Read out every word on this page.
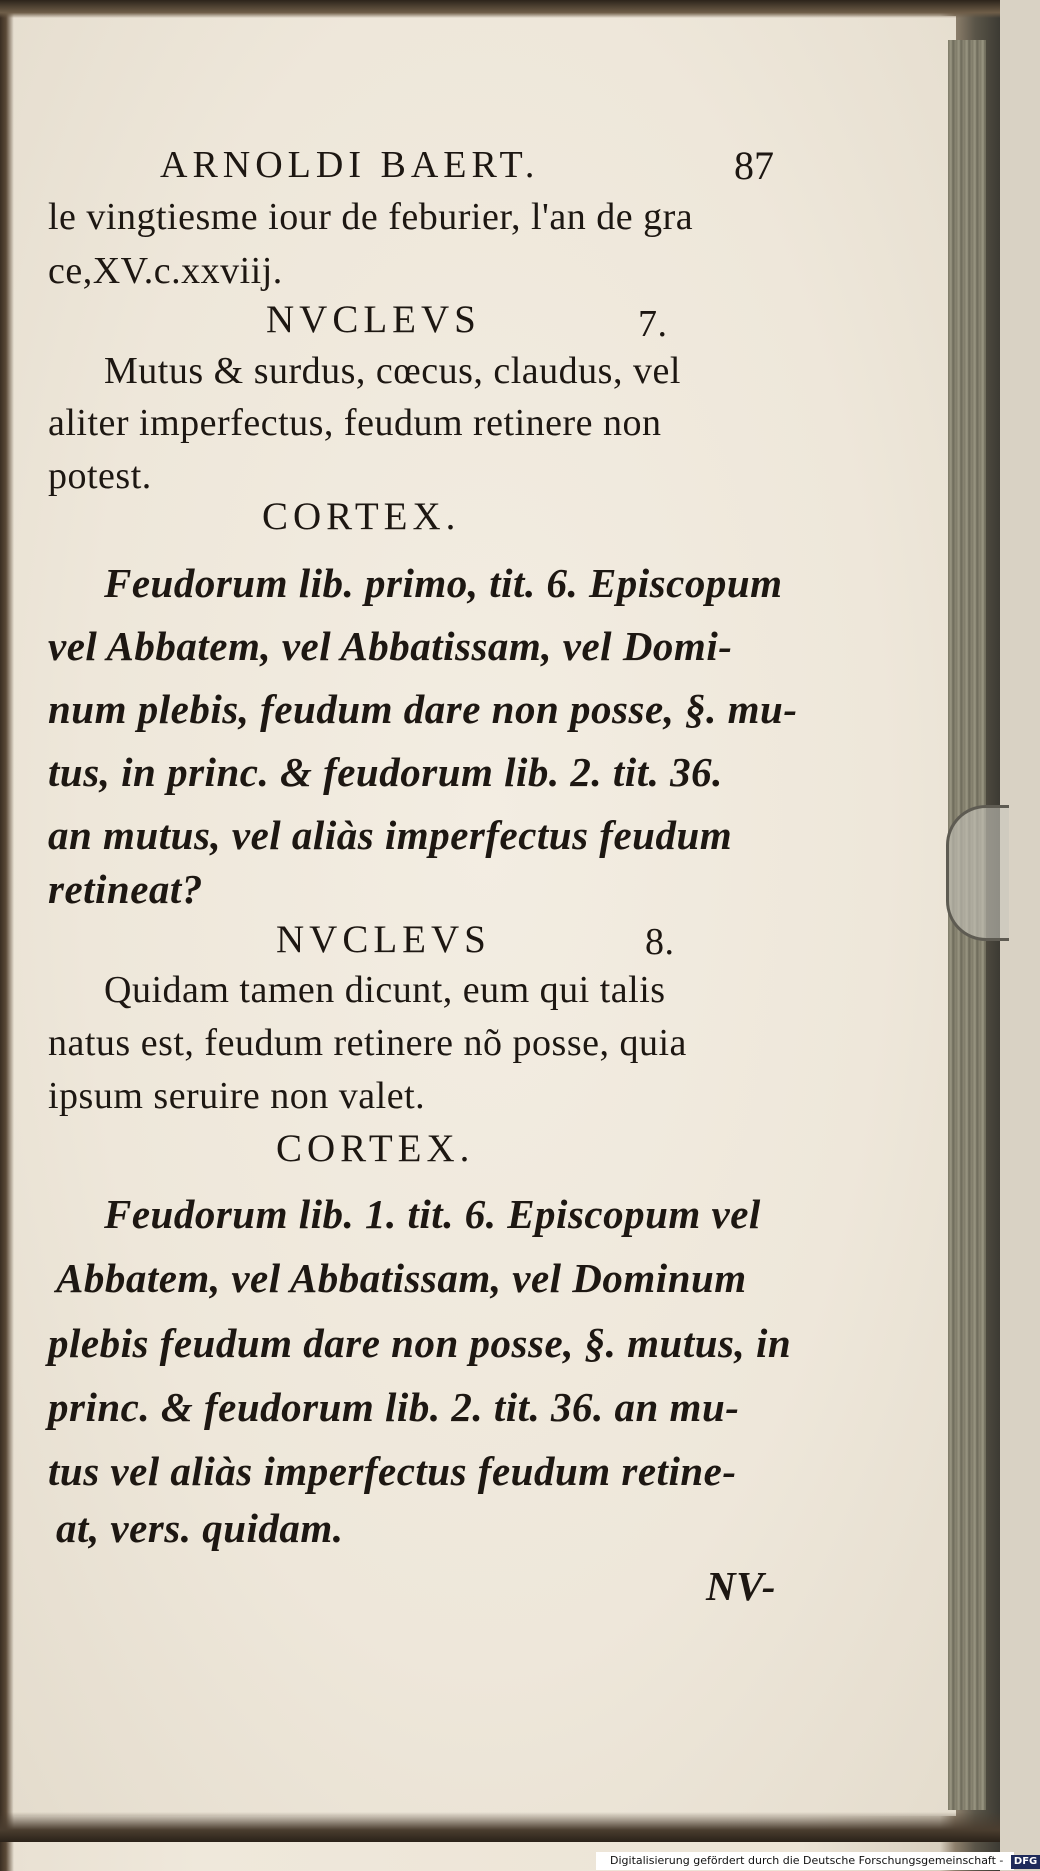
ARNOLDI BAERT.	87

le vingtiesme iour de feburier, l'an de gra

ce,XV.c.xxviij.

NVCLEVS	7.

Mutus & surdus, cœcus, claudus, vel

aliter imperfectus, feudum retinere non

potest.

CORTEX.

Feudorum lib. primo, tit. 6. Episcopum

vel Abbatem, vel Abbatissam, vel Domi-

num plebis, feudum dare non posse, §. mu-

tus, in princ. & feudorum lib. 2. tit. 36.

an mutus, vel aliàs imperfectus feudum

retineat?

NVCLEVS	8.

Quidam tamen dicunt, eum qui talis

natus est, feudum retinere nõ posse, quia

ipsum seruire non valet.

CORTEX.

Feudorum lib. 1. tit. 6. Episcopum vel

Abbatem, vel Abbatissam, vel Dominum

plebis feudum dare non posse, §. mutus, in

princ. & feudorum lib. 2. tit. 36. an mu-

tus vel aliàs imperfectus feudum retine-

at, vers. quidam.

NV-

Digitalisierung gefördert durch die Deutsche Forschungsgemeinschaft - DFG
